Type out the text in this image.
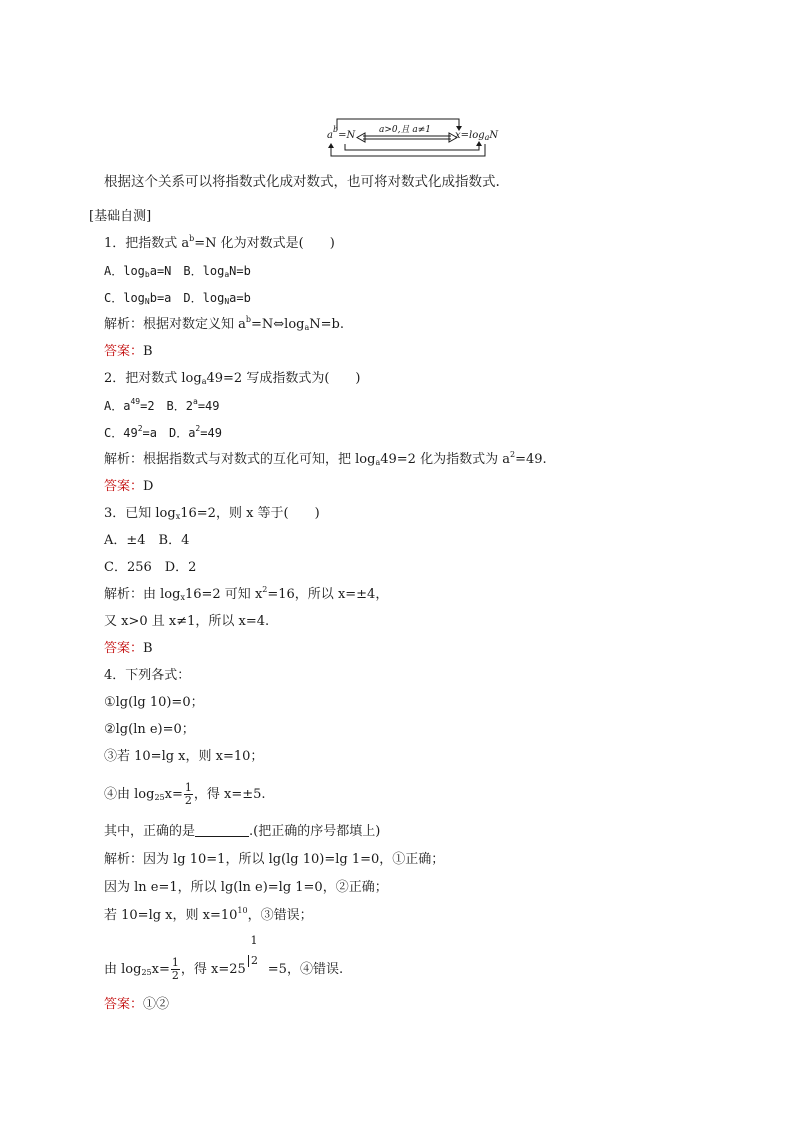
$a^b=N$	a>0,且 a≠1 $x=\log_aN$
根据这个关系可以将指数式化成对数式，也可将对数式化成指数式.
[基础自测]
1．把指数式 $a^b=N$ 化为对数式是(　　)
A．$\log_ba=N$　B．$\log_aN=b$
C．$\log_Nb=a$　D．$\log_Na=b$
解析：根据对数定义知 $a^b=N\Leftrightarrow\log_aN=b$.
答案：B
2．把对数式 $\log_a49=2$ 写成指数式为(　　)
A．$a^{49}=2$　B．$2^a=49$
C．$49^2=a$　D．$a^2=49$
解析：根据指数式与对数式的互化可知，把 $\log_a49=2$ 化为指数式为 $a^2=49$.
答案：D
3．已知 $\log_x16=2$，则 x 等于(　　)
A．±4　B．4
C．256　D．2
解析：由 $\log_x16=2$ 可知 $x^2=16$，所以 x=±4，
又 x>0 且 x≠1，所以 x=4.
答案：B
4．下列各式：
①lg(lg 10)=0；
②lg(ln e)=0；
③若 10=lg x，则 x=10；
④由 $\log_{25}x= \frac{1}{2}$ ，得 x=±5.
其中，正确的是	.(把正确的序号都填上)
解析：因为 lg 10=1，所以 lg(lg 10)=lg 1=0，①正确；
因为 ln e=1，所以 lg(ln e)=lg 1=0，②正确；
若 10=lg x，则 $x=10^{10}$，③错误；
由 $\log_{25}x= \frac{1}{2}$ ，得 x=25 =5，④错误.
1
2
答案：①②
